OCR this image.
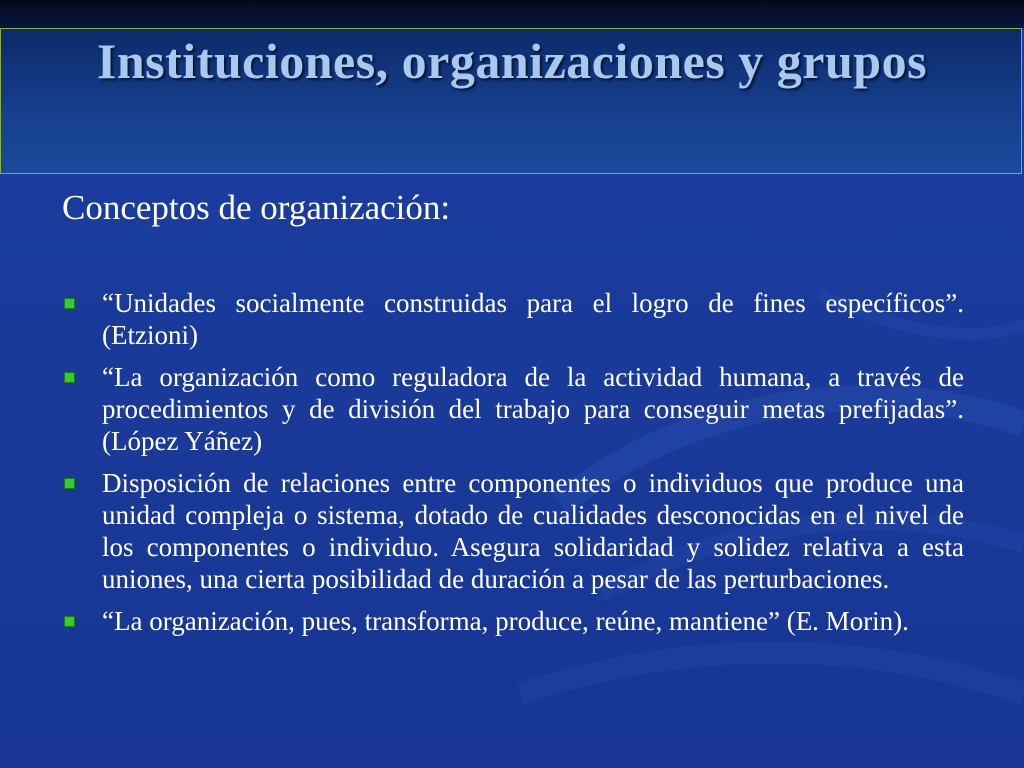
Instituciones, organizaciones y grupos
Conceptos de organización:
“Unidades socialmente construidas para el logro de fines específicos”. (Etzioni)
“La organización como reguladora de la actividad humana, a través de procedimientos y de división del trabajo para conseguir metas prefijadas”. (López Yáñez)
Disposición de relaciones entre componentes o individuos que produce una unidad compleja o sistema, dotado de cualidades desconocidas en el nivel de los componentes o individuo. Asegura solidaridad y solidez relativa a esta uniones, una cierta posibilidad de duración a pesar de las perturbaciones.
“La organización, pues, transforma, produce, reúne, mantiene” (E. Morin).
